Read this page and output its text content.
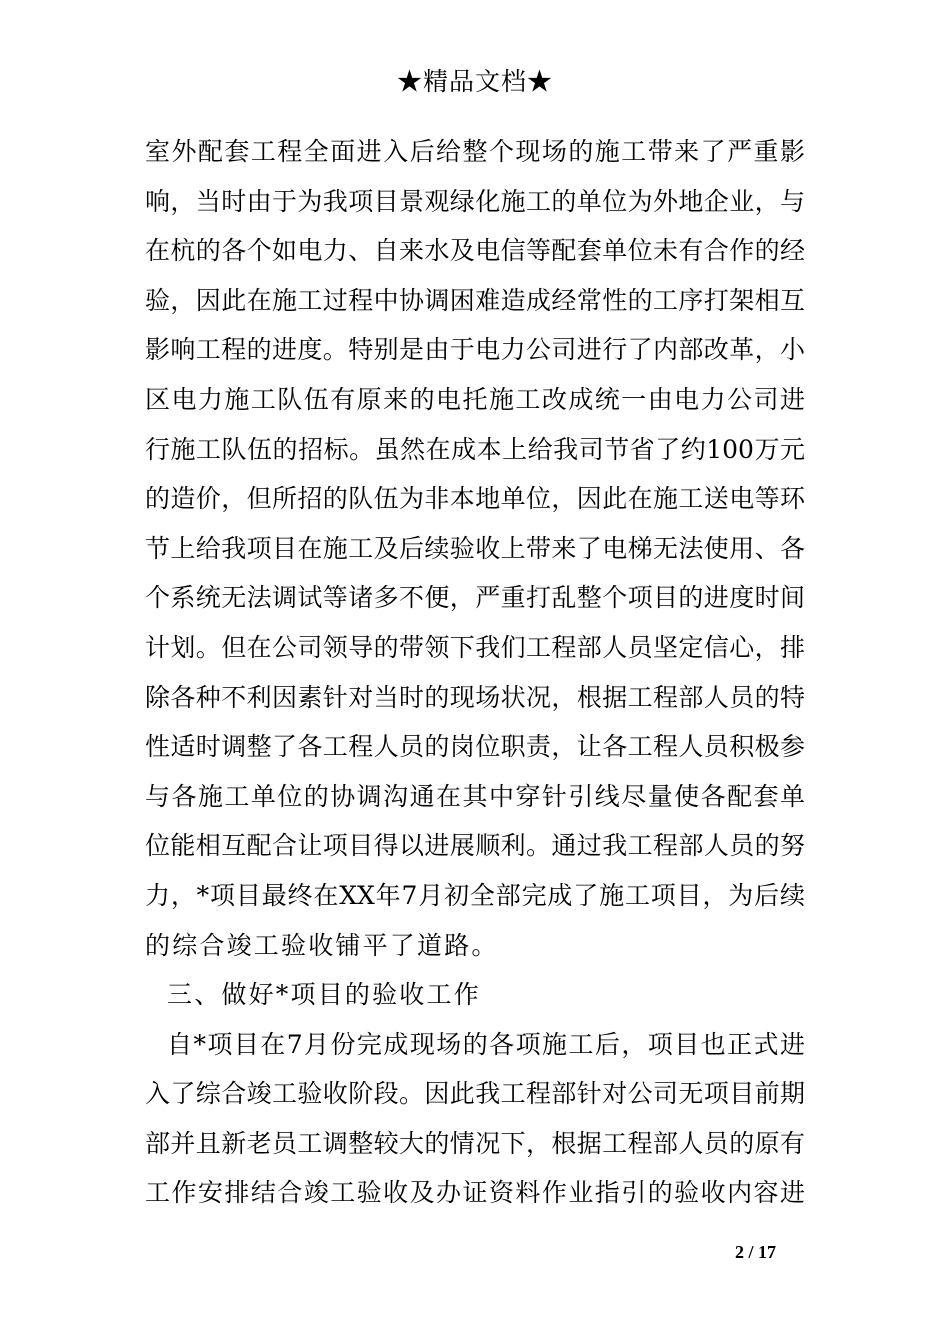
★精品文档★
室外配套工程全面进入后给整个现场的施工带来了严重影
响，当时由于为我项目景观绿化施工的单位为外地企业，与
在杭的各个如电力、自来水及电信等配套单位未有合作的经
验，因此在施工过程中协调困难造成经常性的工序打架相互
影响工程的进度。特别是由于电力公司进行了内部改革，小
区电力施工队伍有原来的电托施工改成统一由电力公司进
行施工队伍的招标。虽然在成本上给我司节省了约100万元
的造价，但所招的队伍为非本地单位，因此在施工送电等环
节上给我项目在施工及后续验收上带来了电梯无法使用、各
个系统无法调试等诸多不便，严重打乱整个项目的进度时间
计划。但在公司领导的带领下我们工程部人员坚定信心，排
除各种不利因素针对当时的现场状况，根据工程部人员的特
性适时调整了各工程人员的岗位职责，让各工程人员积极参
与各施工单位的协调沟通在其中穿针引线尽量使各配套单
位能相互配合让项目得以进展顺利。通过我工程部人员的努
力，*项目最终在XX年7月初全部完成了施工项目，为后续
的综合竣工验收铺平了道路。
三、做好*项目的验收工作
自*项目在7月份完成现场的各项施工后，项目也正式进
入了综合竣工验收阶段。因此我工程部针对公司无项目前期
部并且新老员工调整较大的情况下，根据工程部人员的原有
工作安排结合竣工验收及办证资料作业指引的验收内容进
2 / 17
